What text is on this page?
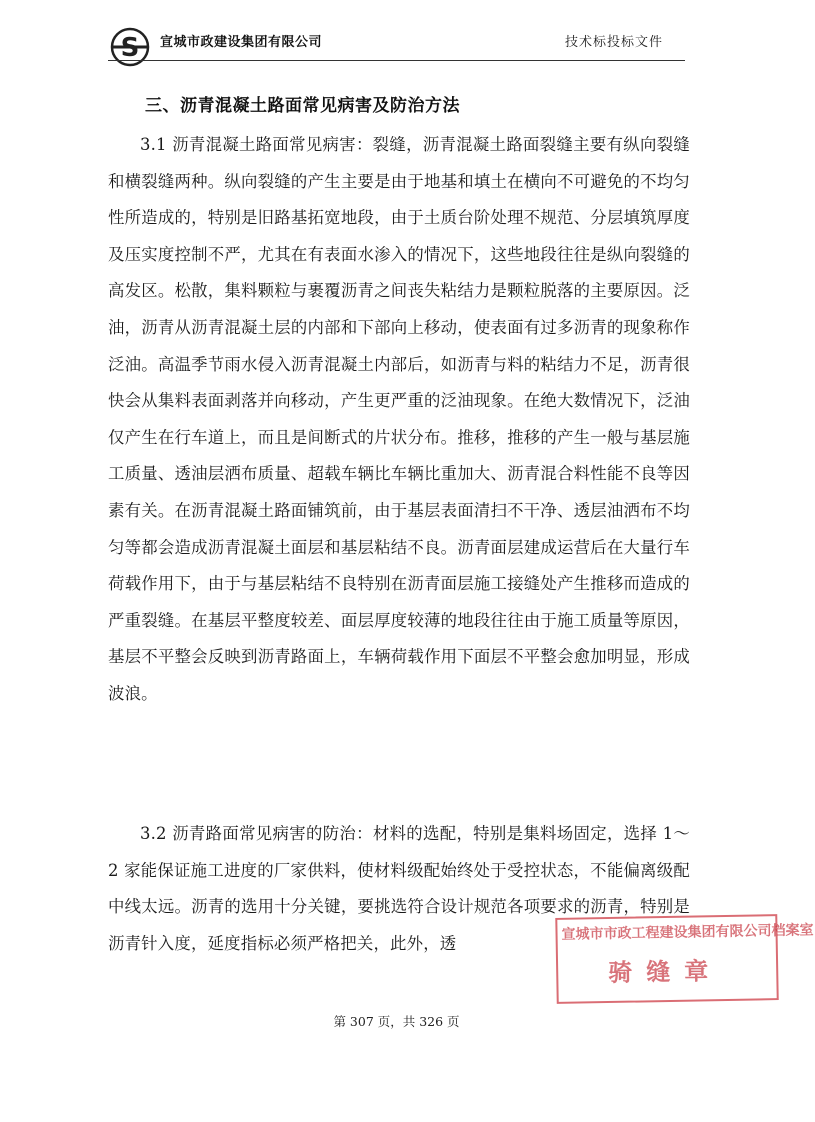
S 宣城市政建设集团有限公司	技术标投标文件
三、沥青混凝土路面常见病害及防治方法

3.1 沥青混凝土路面常见病害：裂缝，沥青混凝土路面裂缝主要有纵向裂缝和横裂缝两种。纵向裂缝的产生主要是由于地基和填土在横向不可避免的不均匀性所造成的，特别是旧路基拓宽地段，由于土质台阶处理不规范、分层填筑厚度及压实度控制不严，尤其在有表面水渗入的情况下，这些地段往往是纵向裂缝的高发区。松散，集料颗粒与裹覆沥青之间丧失粘结力是颗粒脱落的主要原因。泛油，沥青从沥青混凝土层的内部和下部向上移动，使表面有过多沥青的现象称作泛油。高温季节雨水侵入沥青混凝土内部后，如沥青与料的粘结力不足，沥青很快会从集料表面剥落并向移动，产生更严重的泛油现象。在绝大数情况下，泛油仅产生在行车道上，而且是间断式的片状分布。推移，推移的产生一般与基层施工质量、透油层洒布质量、超载车辆比车辆比重加大、沥青混合料性能不良等因素有关。在沥青混凝土路面铺筑前，由于基层表面清扫不干净、透层油洒布不均匀等都会造成沥青混凝土面层和基层粘结不良。沥青面层建成运营后在大量行车荷载作用下，由于与基层粘结不良特别在沥青面层施工接缝处产生推移而造成的严重裂缝。在基层平整度较差、面层厚度较薄的地段往往由于施工质量等原因，基层不平整会反映到沥青路面上，车辆荷载作用下面层不平整会愈加明显，形成波浪。

3.2 沥青路面常见病害的防治：材料的选配，特别是集料场固定，选择 1～2 家能保证施工进度的厂家供料，使材料级配始终处于受控状态，不能偏离级配中线太远。沥青的选用十分关键，要挑选符合设计规范各项要求的沥青，特别是沥青针入度，延度指标必须严格把关，此外，透

宣城市市政工程建设集团有限公司档案室
骑缝章
第 307 页，共 326 页
